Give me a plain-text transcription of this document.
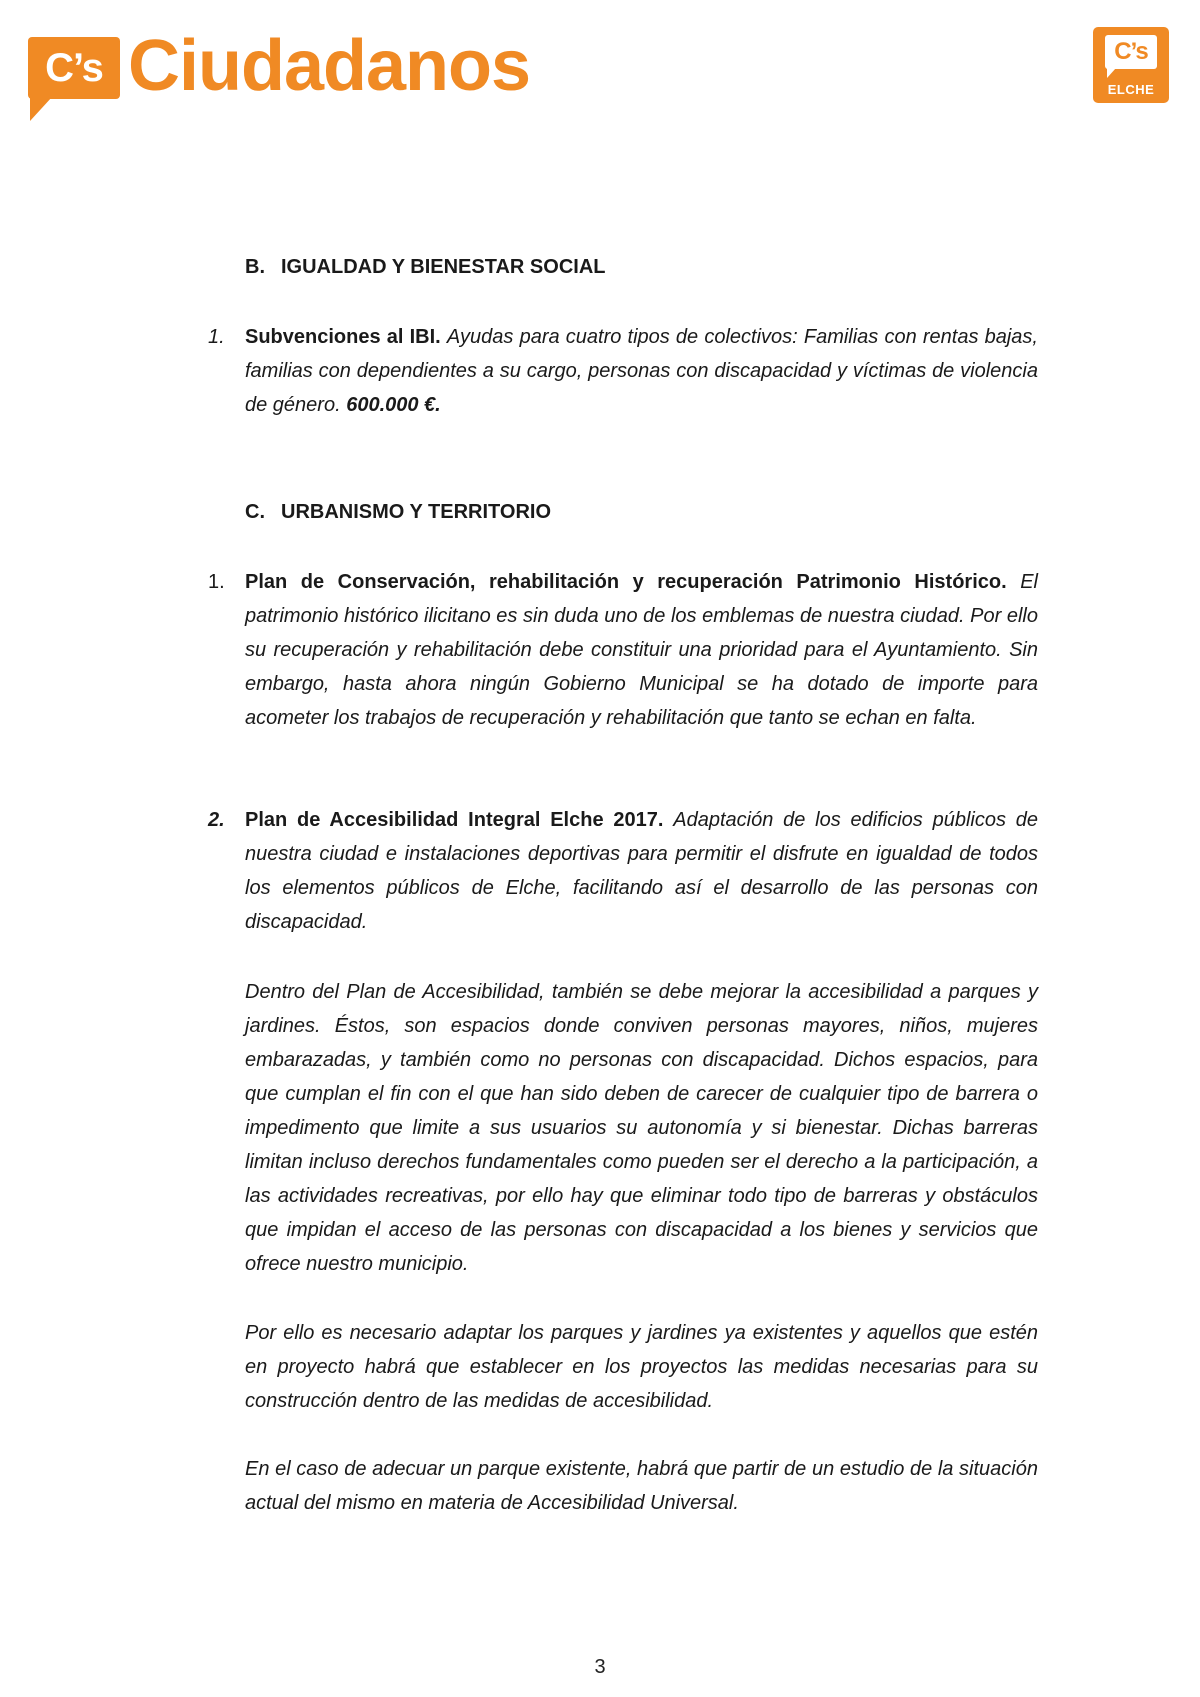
C’s Ciudadanos	C’s
ELCHE
B. IGUALDAD Y BIENESTAR SOCIAL
1.	Subvenciones al IBI. Ayudas para cuatro tipos de colectivos: Familias con rentas bajas, familias con dependientes a su cargo, personas con discapacidad y víctimas de violencia de género. 600.000 €.
C. URBANISMO Y TERRITORIO
1.	Plan de Conservación, rehabilitación y recuperación Patrimonio Histórico. El patrimonio histórico ilicitano es sin duda uno de los emblemas de nuestra ciudad. Por ello su recuperación y rehabilitación debe constituir una prioridad para el Ayuntamiento. Sin embargo, hasta ahora ningún Gobierno Municipal se ha dotado de importe para acometer los trabajos de recuperación y rehabilitación que tanto se echan en falta.
2.	Plan de Accesibilidad Integral Elche 2017. Adaptación de los edificios públicos de nuestra ciudad e instalaciones deportivas para permitir el disfrute en igualdad de todos los elementos públicos de Elche, facilitando así el desarrollo de las personas con discapacidad.
Dentro del Plan de Accesibilidad, también se debe mejorar la accesibilidad a parques y jardines. Éstos, son espacios donde conviven personas mayores, niños, mujeres embarazadas, y también como no personas con discapacidad. Dichos espacios, para que cumplan el fin con el que han sido deben de carecer de cualquier tipo de barrera o impedimento que limite a sus usuarios su autonomía y si bienestar. Dichas barreras limitan incluso derechos fundamentales como pueden ser el derecho a la participación, a las actividades recreativas, por ello hay que eliminar todo tipo de barreras y obstáculos que impidan el acceso de las personas con discapacidad a los bienes y servicios que ofrece nuestro municipio.
Por ello es necesario adaptar los parques y jardines ya existentes y aquellos que estén en proyecto habrá que establecer en los proyectos las medidas necesarias para su construcción dentro de las medidas de accesibilidad.
En el caso de adecuar un parque existente, habrá que partir de un estudio de la situación actual del mismo en materia de Accesibilidad Universal.
3
